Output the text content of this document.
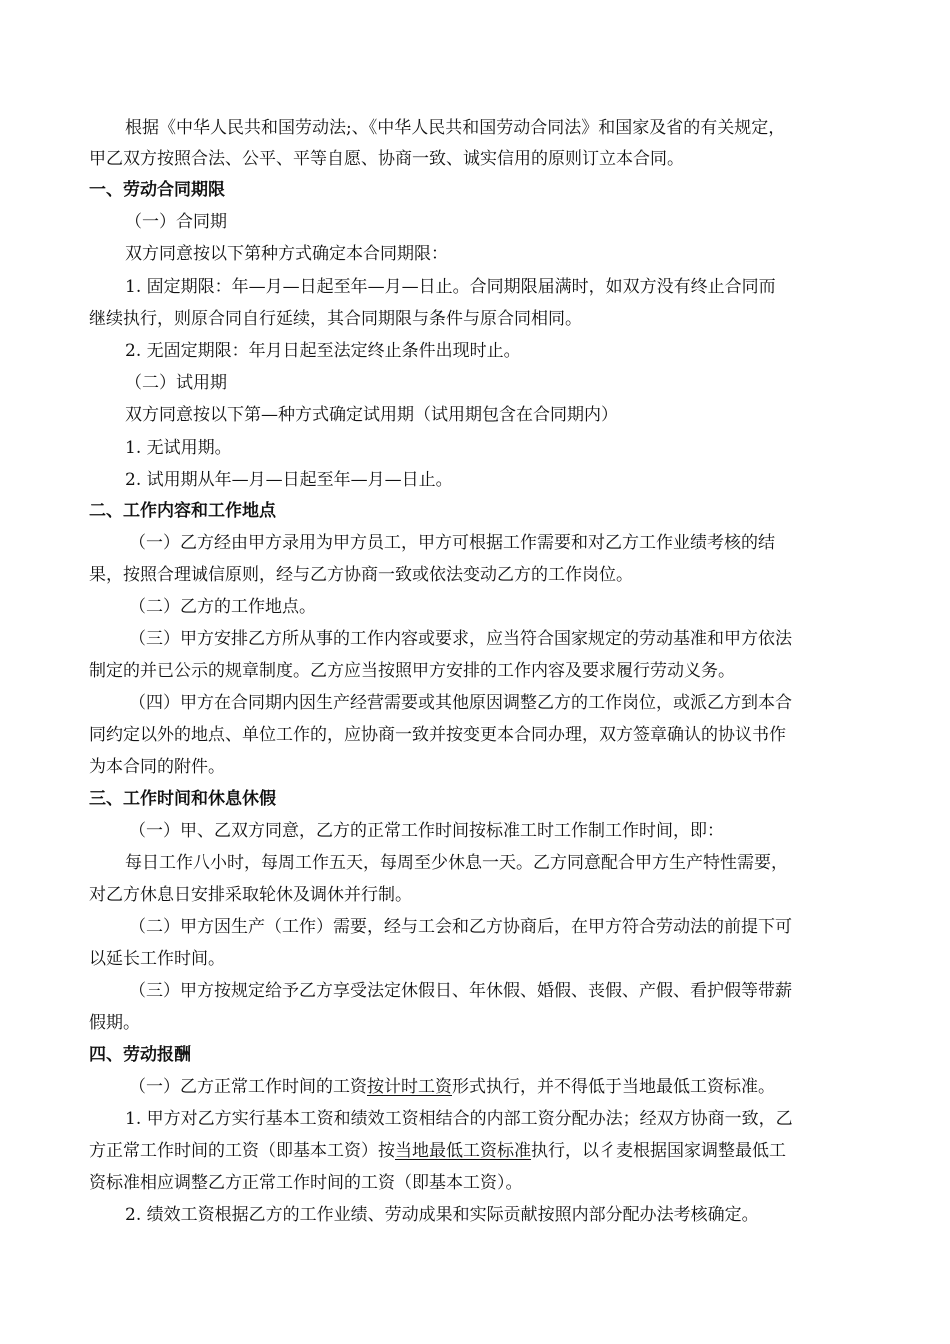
根据《中华人民共和国劳动法;、《中华人民共和国劳动合同法》和国家及省的有关规定，
甲乙双方按照合法、公平、平等自愿、协商一致、诚实信用的原则订立本合同。
一、劳动合同期限
（一）合同期
双方同意按以下第种方式确定本合同期限：
1. 固定期限：年—月—日起至年—月—日止。合同期限届满时，如双方没有终止合同而
继续执行，则原合同自行延续，其合同期限与条件与原合同相同。
2. 无固定期限：年月日起至法定终止条件出现时止。
（二）试用期
双方同意按以下第—种方式确定试用期（试用期包含在合同期内）
1. 无试用期。
2. 试用期从年—月—日起至年—月—日止。
二、工作内容和工作地点
（一）乙方经由甲方录用为甲方员工，甲方可根据工作需要和对乙方工作业绩考核的结
果，按照合理诚信原则，经与乙方协商一致或依法变动乙方的工作岗位。
（二）乙方的工作地点。
（三）甲方安排乙方所从事的工作内容或要求，应当符合国家规定的劳动基准和甲方依法
制定的并已公示的规章制度。乙方应当按照甲方安排的工作内容及要求履行劳动义务。
（四）甲方在合同期内因生产经营需要或其他原因调整乙方的工作岗位，或派乙方到本合
同约定以外的地点、单位工作的，应协商一致并按变更本合同办理，双方签章确认的协议书作
为本合同的附件。
三、工作时间和休息休假
（一）甲、乙双方同意，乙方的正常工作时间按标准工时工作制工作时间，即：
每日工作八小时，每周工作五天，每周至少休息一天。乙方同意配合甲方生产特性需要，
对乙方休息日安排采取轮休及调休并行制。
（二）甲方因生产（工作）需要，经与工会和乙方协商后，在甲方符合劳动法的前提下可
以延长工作时间。
（三）甲方按规定给予乙方享受法定休假日、年休假、婚假、丧假、产假、看护假等带薪
假期。
四、劳动报酬
（一）乙方正常工作时间的工资按计时工资形式执行，并不得低于当地最低工资标准。
1. 甲方对乙方实行基本工资和绩效工资相结合的内部工资分配办法；经双方协商一致，乙
方正常工作时间的工资（即基本工资）按当地最低工资标准执行，以彳麦根据国家调整最低工
资标准相应调整乙方正常工作时间的工资（即基本工资）。
2. 绩效工资根据乙方的工作业绩、劳动成果和实际贡献按照内部分配办法考核确定。
